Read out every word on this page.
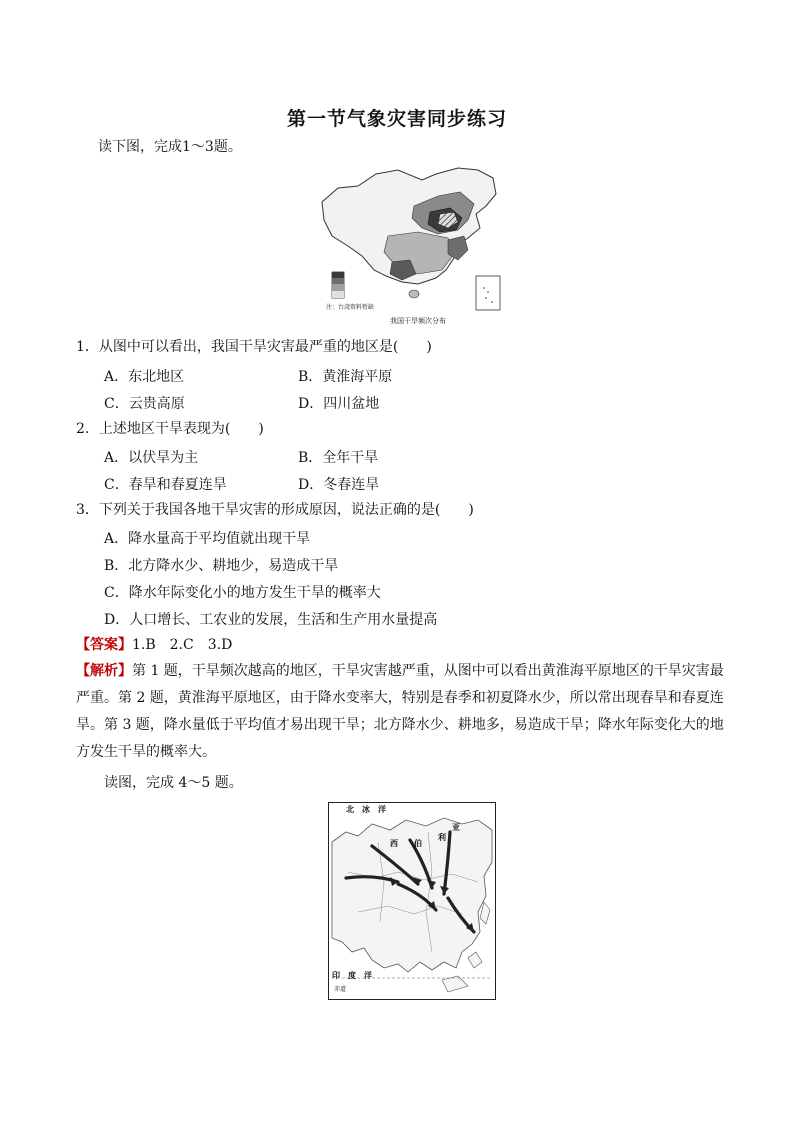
第一节气象灾害同步练习
读下图，完成1～3题。
注：台湾资料暂缺
我国干旱频次分布
1．从图中可以看出，我国干旱灾害最严重的地区是(　　)
A．东北地区	B．黄淮海平原
C．云贵高原	D．四川盆地
2．上述地区干旱表现为(　　)
A．以伏旱为主	B．全年干旱
C．春旱和春夏连旱	D．冬春连旱
3．下列关于我国各地干旱灾害的形成原因，说法正确的是(　　)
A．降水量高于平均值就出现干旱
B．北方降水少、耕地少，易造成干旱
C．降水年际变化小的地方发生干旱的概率大
D．人口增长、工农业的发展，生活和生产用水量提高
【答案】1.B　2.C　3.D
【解析】第 1 题，干旱频次越高的地区，干旱灾害越严重，从图中可以看出黄淮海平原地区的干旱灾害最严重。第 2 题，黄淮海平原地区，由于降水变率大，特别是春季和初夏降水少，所以常出现春旱和春夏连旱。第 3 题，降水量低于平均值才易出现干旱；北方降水少、耕地多，易造成干旱；降水年际变化大的地方发生干旱的概率大。
读图，完成 4～5 题。
北　冰　洋
西 伯
利
亚
印　度　洋
赤道
